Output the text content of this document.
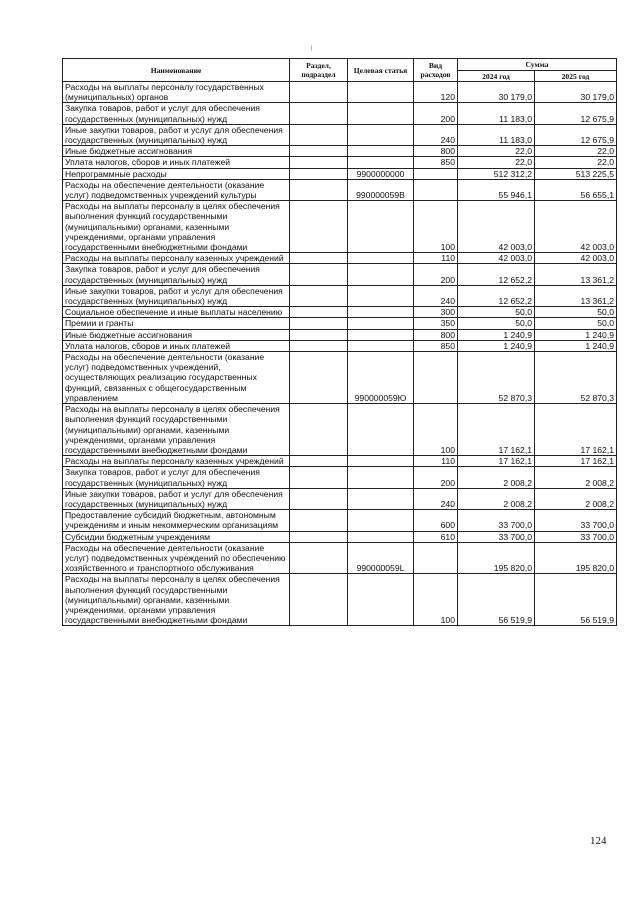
Наименование	Раздел, подраздел	Целевая статья	Вид расходов	Сумма	
				2024 год	2025 год
Расходы на выплаты персоналу государственных (муниципальных) органов			120	30 179,0	30 179,0
Закупка товаров, работ и услуг для обеспечения государственных (муниципальных) нужд			200	11 183,0	12 675,9
Иные закупки товаров, работ и услуг для обеспечения государственных (муниципальных) нужд			240	11 183,0	12 675,9
Иные бюджетные ассигнования			800	22,0	22,0
Уплата налогов, сборов и иных платежей			850	22,0	22,0
Непрограммные расходы		9900000000		512 312,2	513 225,5
Расходы на обеспечение деятельности (оказание услуг) подведомственных учреждений культуры		990000059В		55 946,1	56 655,1
Расходы на выплаты персоналу в целях обеспечения выполнения функций государственными (муниципальными) органами, казенными учреждениями, органами управления государственными внебюджетными фондами			100	42 003,0	42 003,0
Расходы на выплаты персоналу казенных учреждений			110	42 003,0	42 003,0
Закупка товаров, работ и услуг для обеспечения государственных (муниципальных) нужд			200	12 652,2	13 361,2
Иные закупки товаров, работ и услуг для обеспечения государственных (муниципальных) нужд			240	12 652,2	13 361,2
Социальное обеспечение и иные выплаты населению			300	50,0	50,0
Премии и гранты			350	50,0	50,0
Иные бюджетные ассигнования			800	1 240,9	1 240,9
Уплата налогов, сборов и иных платежей			850	1 240,9	1 240,9
Расходы на обеспечение деятельности (оказание услуг) подведомственных учреждений, осуществляющих реализацию государственных функций, связанных с общегосударственным управлением		990000059Ю		52 870,3	52 870,3
Расходы на выплаты персоналу в целях обеспечения выполнения функций государственными (муниципальными) органами, казенными учреждениями, органами управления государственными внебюджетными фондами			100	17 162,1	17 162,1
Расходы на выплаты персоналу казенных учреждений			110	17 162,1	17 162,1
Закупка товаров, работ и услуг для обеспечения государственных (муниципальных) нужд			200	2 008,2	2 008,2
Иные закупки товаров, работ и услуг для обеспечения государственных (муниципальных) нужд			240	2 008,2	2 008,2
Предоставление субсидий бюджетным, автономным учреждениям и иным некоммерческим организациям			600	33 700,0	33 700,0
Субсидии бюджетным учреждениям			610	33 700,0	33 700,0
Расходы на обеспечение деятельности (оказание услуг) подведомственных учреждений по обеспечению хозяйственного и транспортного обслуживания		990000059L		195 820,0	195 820,0
Расходы на выплаты персоналу в целях обеспечения выполнения функций государственными (муниципальными) органами, казенными учреждениями, органами управления государственными внебюджетными фондами			100	56 519,9	56 519,9
124
